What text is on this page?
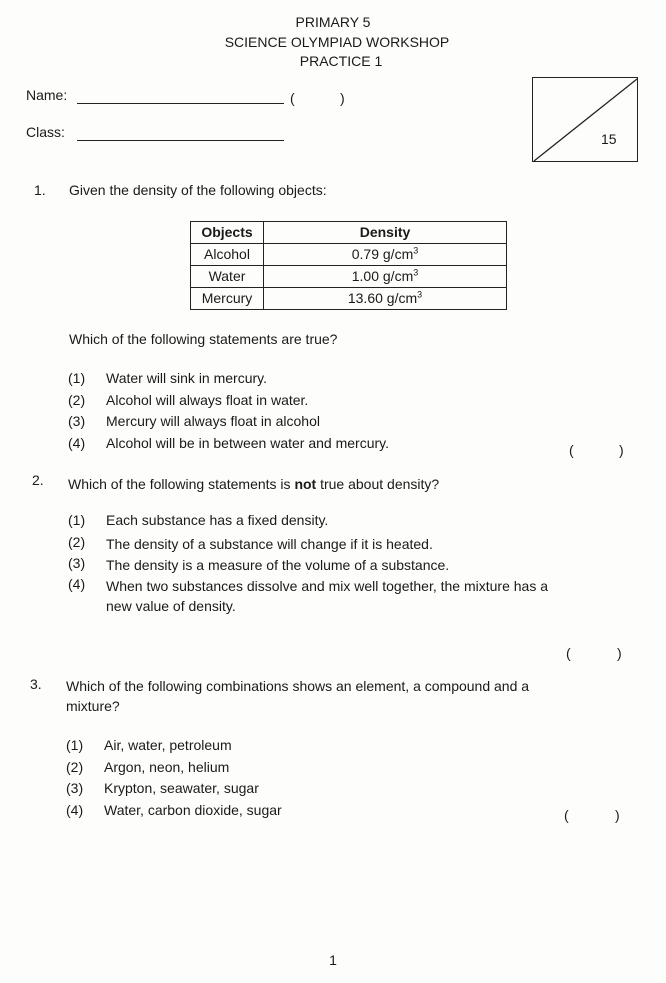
PRIMARY 5
SCIENCE OLYMPIAD WORKSHOP
PRACTICE 1
Name:	(	)
Class:	15
1. Given the density of the following objects:
Objects	Density
Alcohol	0.79 $g/cm^3$
Water	1.00 $g/cm^3$
Mercury	13.60 $g/cm^3$
Which of the following statements are true?
(1) Water will sink in mercury.
(2) Alcohol will always float in water.
(3) Mercury will always float in alcohol
(4) Alcohol will be in between water and mercury.	(	)
2. Which of the following statements is not true about density?
(1) Each substance has a fixed density.
(2) The density of a substance will change if it is heated.
(3) The density is a measure of the volume of a substance.
(4) When two substances dissolve and mix well together, the mixture has a
new value of density.
(	)
3. Which of the following combinations shows an element, a compound and a
mixture?
(1) Air, water, petroleum
(2) Argon, neon, helium
(3) Krypton, seawater, sugar
(4) Water, carbon dioxide, sugar	(	)
1
